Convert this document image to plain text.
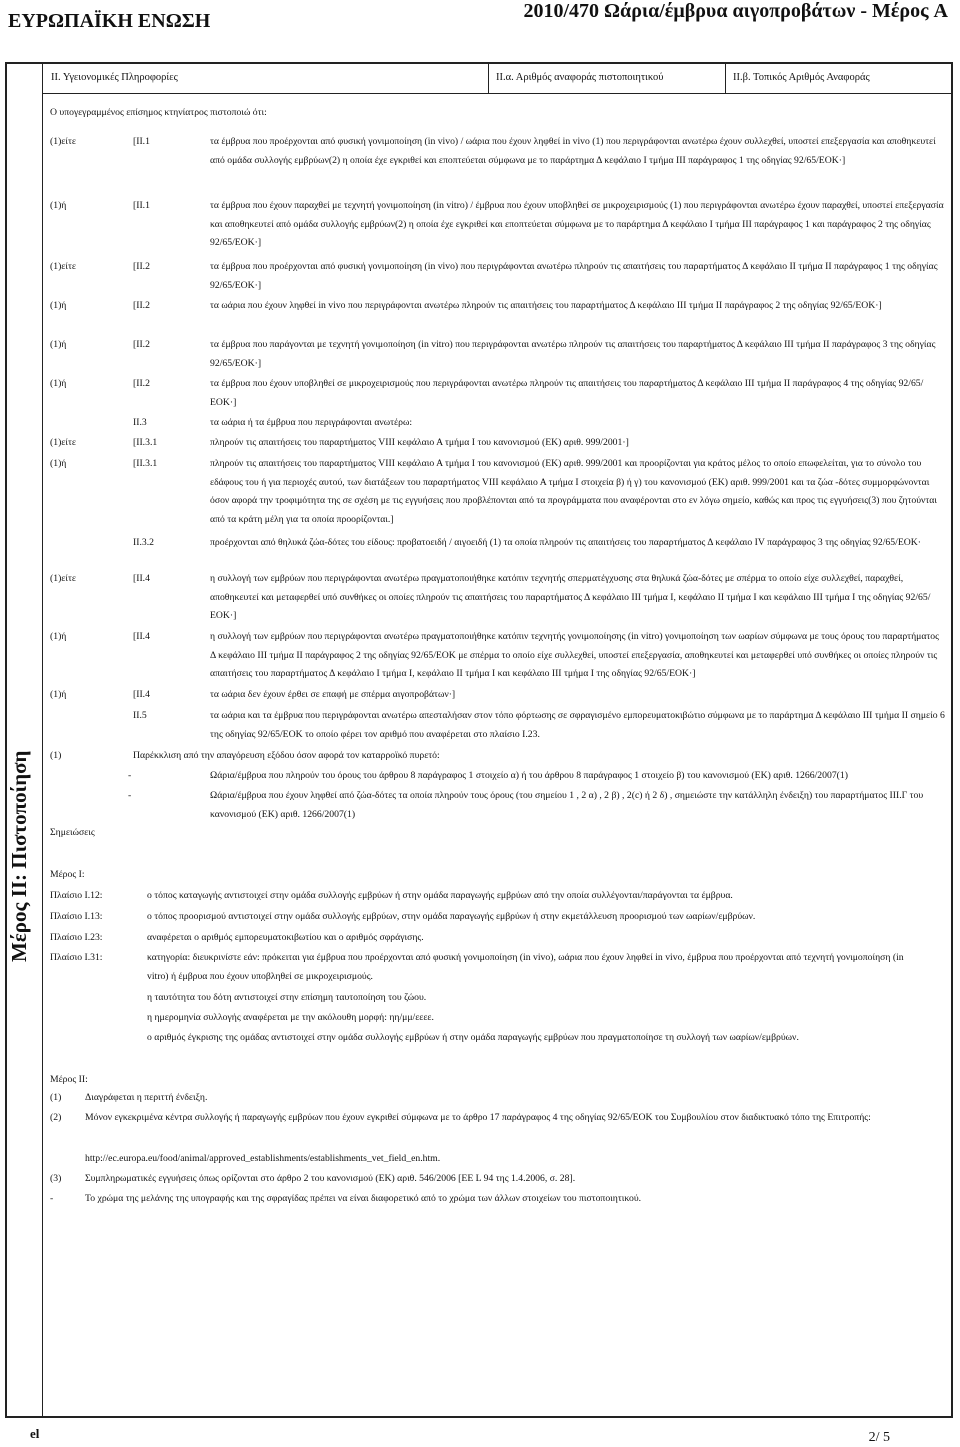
ΕΥΡΩΠΑΪΚΗ ΕΝΩΣΗ	2010/470 Ωάρια/έμβρυα αιγοπροβάτων - Μέρος A
Μέρος ΙΙ: Πιστοποίηση
ΙΙ. Υγειονομικές Πληροφορίες	ΙΙ.α. Αριθμός αναφοράς πιστοποιητικού	ΙΙ.β. Τοπικός Αριθμός Αναφοράς
Ο υπογεγραμμένος επίσημος κτηνίατρος πιστοποιώ ότι:
(1)είτε	[ΙΙ.1	τα έμβρυα που προέρχονται από φυσική γονιμοποίηση (in vivo) / ωάρια που έχουν ληφθεί in vivo (1) που περιγράφονται ανωτέρω έχουν συλλεχθεί, υποστεί επεξεργασία και αποθηκευτεί από ομάδα συλλογής εμβρύων(2) η οποία έχε εγκριθεί και εποπτεύεται σύμφωνα με το παράρτημα Δ κεφάλαιο Ι τμήμα ΙΙΙ παράγραφος 1 της οδηγίας 92/65/ΕΟΚ·]
(1)ή	[ΙΙ.1	τα έμβρυα που έχουν παραχθεί με τεχνητή γονιμοποίηση (in vitro) / έμβρυα που έχουν υποβληθεί σε μικροχειρισμούς (1) που περιγράφονται ανωτέρω έχουν παραχθεί, υποστεί επεξεργασία και αποθηκευτεί από ομάδα συλλογής εμβρύων(2) η οποία έχε εγκριθεί και εποπτεύεται σύμφωνα με το παράρτημα Δ κεφάλαιο Ι τμήμα ΙΙΙ παράγραφος 1 και παράγραφος 2 της οδηγίας 92/65/ΕΟΚ·]
(1)είτε	[ΙΙ.2	τα έμβρυα που προέρχονται από φυσική γονιμοποίηση (in vivo) που περιγράφονται ανωτέρω πληρούν τις απαιτήσεις του παραρτήματος Δ κεφάλαιο ΙΙ τμήμα ΙΙ παράγραφος 1 της οδηγίας 92/65/ΕΟΚ·]
(1)ή	[ΙΙ.2	τα ωάρια που έχουν ληφθεί in vivo που περιγράφονται ανωτέρω πληρούν τις απαιτήσεις του παραρτήματος Δ κεφάλαιο ΙΙΙ τμήμα ΙΙ παράγραφος 2 της οδηγίας 92/65/ΕΟΚ·]
(1)ή	[ΙΙ.2	τα έμβρυα που παράγονται με τεχνητή γονιμοποίηση (in vitro) που περιγράφονται ανωτέρω πληρούν τις απαιτήσεις του παραρτήματος Δ κεφάλαιο ΙΙΙ τμήμα ΙΙ παράγραφος 3 της οδηγίας 92/65/ΕΟΚ·]
(1)ή	[ΙΙ.2	τα έμβρυα που έχουν υποβληθεί σε μικροχειρισμούς που περιγράφονται ανωτέρω πληρούν τις απαιτήσεις του παραρτήματος Δ κεφάλαιο ΙΙΙ τμήμα ΙΙ παράγραφος 4 της οδηγίας 92/65/ΕΟΚ·]
ΙΙ.3	τα ωάρια ή τα έμβρυα που περιγράφονται ανωτέρω:
(1)είτε	[ΙΙ.3.1	πληρούν τις απαιτήσεις του παραρτήματος VIII κεφάλαιο Α τμήμα Ι του κανονισμού (ΕΚ) αριθ. 999/2001·]
(1)ή	[ΙΙ.3.1	πληρούν τις απαιτήσεις του παραρτήματος VIII κεφάλαιο Α τμήμα Ι του κανονισμού (ΕΚ) αριθ. 999/2001 και προορίζονται για κράτος μέλος το οποίο επωφελείται, για το σύνολο του εδάφους του ή για περιοχές αυτού, των διατάξεων του παραρτήματος VIII κεφάλαιο Α τμήμα Ι στοιχεία β) ή γ) του κανονισμού (ΕΚ) αριθ. 999/2001 και τα ζώα -δότες συμμορφώνονται όσον αφορά την τροφιμότητα της σε σχέση με τις εγγυήσεις που προβλέπονται από τα προγράμματα που αναφέρονται στο εν λόγω σημείο, καθώς και προς τις εγγυήσεις(3) που ζητούνται από τα κράτη μέλη για τα οποία προορίζονται.]
ΙΙ.3.2	προέρχονται από θηλυκά ζώα-δότες του είδους: προβατοειδή / αιγοειδή (1) τα οποία πληρούν τις απαιτήσεις του παραρτήματος Δ κεφάλαιο IV παράγραφος 3 της οδηγίας 92/65/ΕΟΚ·
(1)είτε	[ΙΙ.4	η συλλογή των εμβρύων που περιγράφονται ανωτέρω πραγματοποιήθηκε κατόπιν τεχνητής σπερματέγχυσης στα θηλυκά ζώα-δότες με σπέρμα το οποίο είχε συλλεχθεί, παραχθεί, αποθηκευτεί και μεταφερθεί υπό συνθήκες οι οποίες πληρούν τις απαιτήσεις του παραρτήματος Δ κεφάλαιο ΙΙΙ τμήμα Ι, κεφάλαιο ΙΙ τμήμα Ι και κεφάλαιο ΙΙΙ τμήμα Ι της οδηγίας 92/65/ΕΟΚ·]
(1)ή	[ΙΙ.4	η συλλογή των εμβρύων που περιγράφονται ανωτέρω πραγματοποιήθηκε κατόπιν τεχνητής γονιμοποίησης (in vitro) γονιμοποίηση των ωαρίων σύμφωνα με τους όρους του παραρτήματος Δ κεφάλαιο ΙΙΙ τμήμα ΙΙ παράγραφος 2 της οδηγίας 92/65/ΕΟΚ με σπέρμα το οποίο είχε συλλεχθεί, υποστεί επεξεργασία, αποθηκευτεί και μεταφερθεί υπό συνθήκες οι οποίες πληρούν τις απαιτήσεις του παραρτήματος Δ κεφάλαιο Ι τμήμα Ι, κεφάλαιο ΙΙ τμήμα Ι και κεφάλαιο ΙΙΙ τμήμα Ι της οδηγίας 92/65/ΕΟΚ·]
(1)ή	[ΙΙ.4	τα ωάρια δεν έχουν έρθει σε επαφή με σπέρμα αιγοπροβάτων·]
ΙΙ.5	τα ωάρια και τα έμβρυα που περιγράφονται ανωτέρω απεσταλήσαν στον τόπο φόρτωσης σε σφραγισμένο εμπορευματοκιβώτιο σύμφωνα με το παράρτημα Δ κεφάλαιο ΙΙΙ τμήμα ΙΙ σημείο 6 της οδηγίας 92/65/ΕΟΚ το οποίο φέρει τον αριθμό που αναφέρεται στο πλαίσιο Ι.23.
(1)	Παρέκκλιση από την απαγόρευση εξόδου όσον αφορά τον καταρροϊκό πυρετό:
-	Ωάρια/έμβρυα που πληρούν του όρους του άρθρου 8 παράγραφος 1 στοιχείο α) ή του άρθρου 8 παράγραφος 1 στοιχείο β) του κανονισμού (ΕΚ) αριθ. 1266/2007(1)
-	Ωάρια/έμβρυα που έχουν ληφθεί από ζώα-δότες τα οποία πληρούν τους όρους (του σημείου 1 , 2 α) , 2 β) , 2(c) ή 2 δ) , σημειώστε την κατάλληλη ένδειξη) του παραρτήματος ΙΙΙ.Γ του κανονισμού (ΕΚ) αριθ. 1266/2007(1)
Σημειώσεις
Μέρος Ι:
Πλαίσιο Ι.12:	ο τόπος καταγωγής αντιστοιχεί στην ομάδα συλλογής εμβρύων ή στην ομάδα παραγωγής εμβρύων από την οποία συλλέγονται/παράγονται τα έμβρυα.
Πλαίσιο Ι.13:	ο τόπος προορισμού αντιστοιχεί στην ομάδα συλλογής εμβρύων, στην ομάδα παραγωγής εμβρύων ή στην εκμετάλλευση προορισμού των ωαρίων/εμβρύων.
Πλαίσιο Ι.23:	αναφέρεται ο αριθμός εμπορευματοκιβωτίου και ο αριθμός σφράγισης.
Πλαίσιο Ι.31:	κατηγορία: διευκρινίστε εάν: πρόκειται για έμβρυα που προέρχονται από φυσική γονιμοποίηση (in vivo), ωάρια που έχουν ληφθεί in vivo, έμβρυα που προέρχονται από τεχνητή γονιμοποίηση (in vitro) ή έμβρυα που έχουν υποβληθεί σε μικροχειρισμούς.
η ταυτότητα του δότη αντιστοιχεί στην επίσημη ταυτοποίηση του ζώου.
η ημερομηνία συλλογής αναφέρεται με την ακόλουθη μορφή: ηη/μμ/εεεε.
ο αριθμός έγκρισης της ομάδας αντιστοιχεί στην ομάδα συλλογής εμβρύων ή στην ομάδα παραγωγής εμβρύων που πραγματοποίησε τη συλλογή των ωαρίων/εμβρύων.
Μέρος ΙΙ:
(1) Διαγράφεται η περιττή ένδειξη.
(2) Μόνον εγκεκριμένα κέντρα συλλογής ή παραγωγής εμβρύων που έχουν εγκριθεί σύμφωνα με το άρθρο 17 παράγραφος 4 της οδηγίας 92/65/ΕΟΚ του Συμβουλίου στον διαδικτυακό τόπο της Επιτροπής:
http://ec.europa.eu/food/animal/approved_establishments/establishments_vet_field_en.htm.
(3) Συμπληρωματικές εγγυήσεις όπως ορίζονται στο άρθρο 2 του κανονισμού (ΕΚ) αριθ. 546/2006 [ΕΕ L 94 της 1.4.2006, σ. 28].
-	Το χρώμα της μελάνης της υπογραφής και της σφραγίδας πρέπει να είναι διαφορετικό από το χρώμα των άλλων στοιχείων του πιστοποιητικού.
el	2/ 5
